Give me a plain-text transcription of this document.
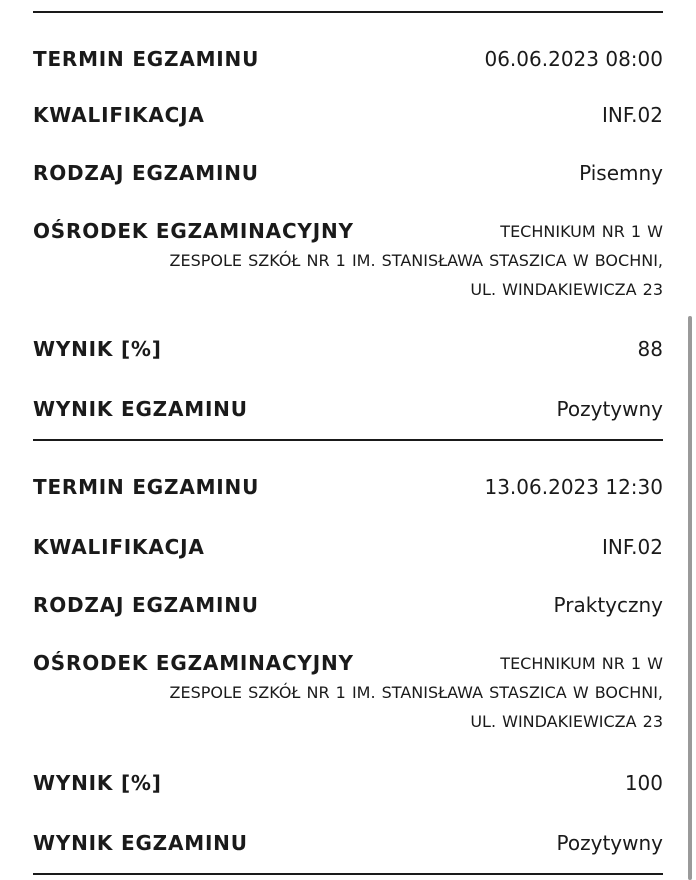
TERMIN EGZAMINU	06.06.2023 08:00
KWALIFIKACJA	INF.02
RODZAJ EGZAMINU	Pisemny
OŚRODEK EGZAMINACYJNY	TECHNIKUM NR 1 W
ZESPOLE SZKÓŁ NR 1 IM. STANISŁAWA STASZICA W BOCHNI,
UL. WINDAKIEWICZA 23
WYNIK [%]	88
WYNIK EGZAMINU	Pozytywny
TERMIN EGZAMINU	13.06.2023 12:30
KWALIFIKACJA	INF.02
RODZAJ EGZAMINU	Praktyczny
OŚRODEK EGZAMINACYJNY	TECHNIKUM NR 1 W
ZESPOLE SZKÓŁ NR 1 IM. STANISŁAWA STASZICA W BOCHNI,
UL. WINDAKIEWICZA 23
WYNIK [%]	100
WYNIK EGZAMINU	Pozytywny
